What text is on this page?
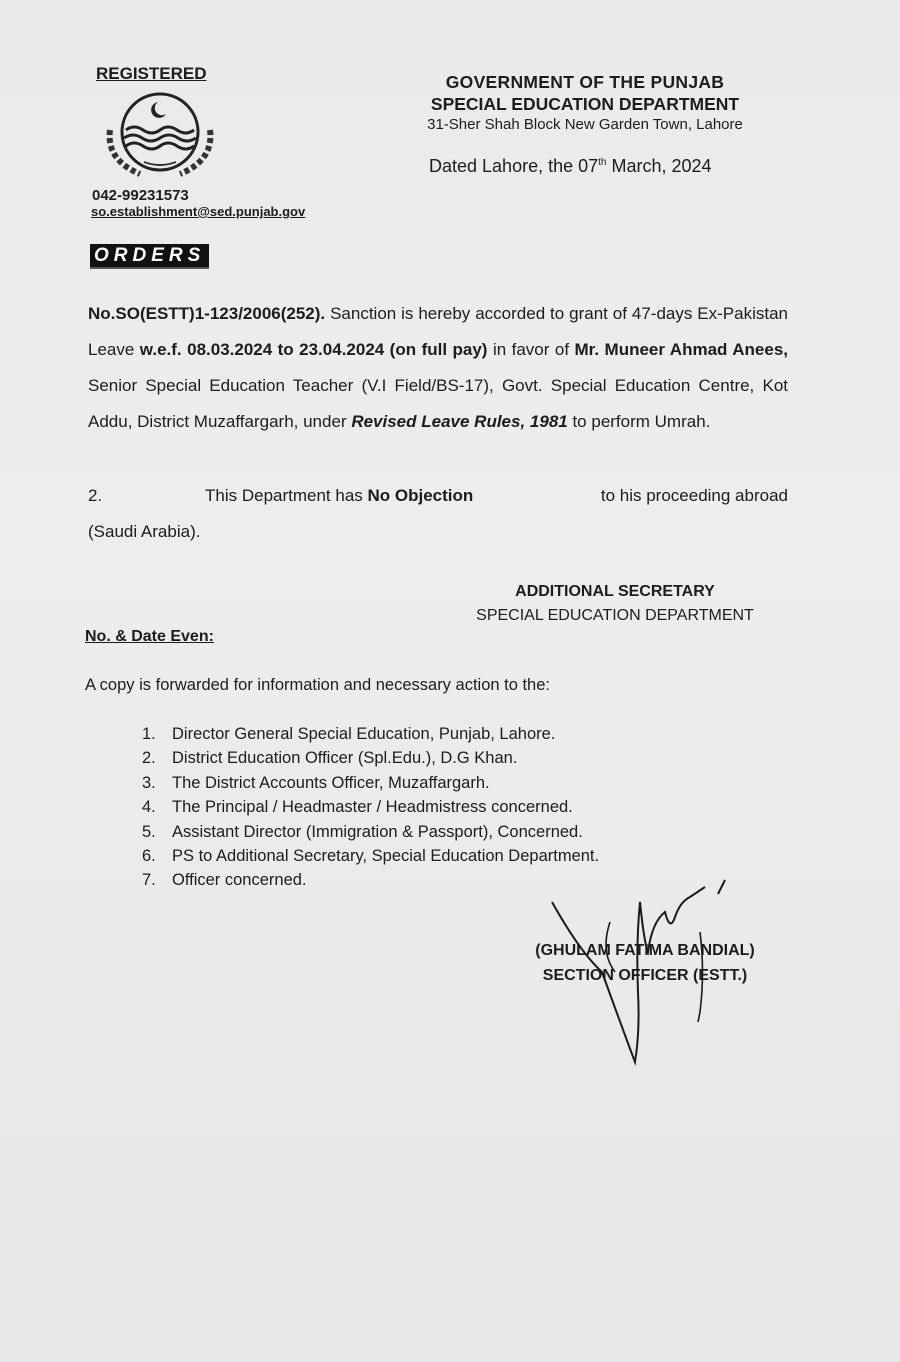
REGISTERED
042-99231573
so.establishment@sed.punjab.gov
ORDERS
GOVERNMENT OF THE PUNJAB
SPECIAL EDUCATION DEPARTMENT
31-Sher Shah Block New Garden Town, Lahore
Dated Lahore, the 07th March, 2024
No.SO(ESTT)1-123/2006(252). Sanction is hereby accorded to grant of 47-days Ex-Pakistan Leave w.e.f. 08.03.2024 to 23.04.2024 (on full pay) in favor of Mr. Muneer Ahmad Anees, Senior Special Education Teacher (V.I Field/BS-17), Govt. Special Education Centre, Kot Addu, District Muzaffargarh, under Revised Leave Rules, 1981 to perform Umrah.
2.	This Department has No Objection	to his proceeding abroad
(Saudi Arabia).
ADDITIONAL SECRETARY
SPECIAL EDUCATION DEPARTMENT
No. & Date Even:
A copy is forwarded for information and necessary action to the:
1. Director General Special Education, Punjab, Lahore.
2. District Education Officer (Spl.Edu.), D.G Khan.
3. The District Accounts Officer, Muzaffargarh.
4. The Principal / Headmaster / Headmistress concerned.
5. Assistant Director (Immigration & Passport), Concerned.
6. PS to Additional Secretary, Special Education Department.
7. Officer concerned.
(GHULAM FATIMA BANDIAL)
SECTION OFFICER (ESTT.)
